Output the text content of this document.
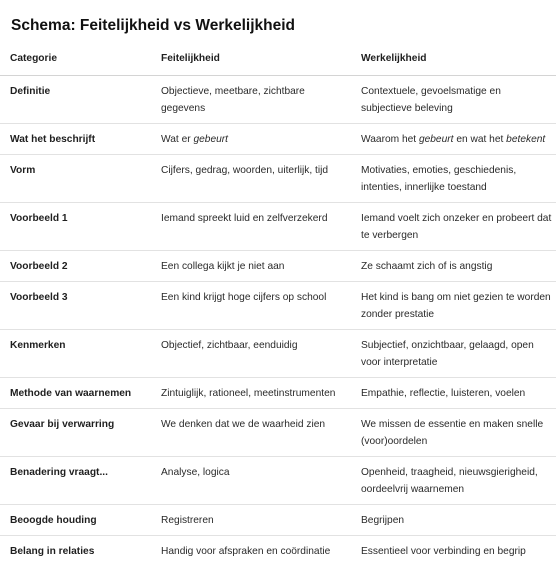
Schema: Feitelijkheid vs Werkelijkheid
Categorie	Feitelijkheid	Werkelijkheid
Definitie	Objectieve, meetbare, zichtbare gegevens	Contextuele, gevoelsmatige en subjectieve beleving
Wat het beschrijft	Wat er gebeurt	Waarom het gebeurt en wat het betekent
Vorm	Cijfers, gedrag, woorden, uiterlijk, tijd	Motivaties, emoties, geschiedenis, intenties, innerlijke toestand
Voorbeeld 1	Iemand spreekt luid en zelfverzekerd	Iemand voelt zich onzeker en probeert dat te verbergen
Voorbeeld 2	Een collega kijkt je niet aan	Ze schaamt zich of is angstig
Voorbeeld 3	Een kind krijgt hoge cijfers op school	Het kind is bang om niet gezien te worden zonder prestatie
Kenmerken	Objectief, zichtbaar, eenduidig	Subjectief, onzichtbaar, gelaagd, open voor interpretatie
Methode van waarnemen	Zintuiglijk, rationeel, meetinstrumenten	Empathie, reflectie, luisteren, voelen
Gevaar bij verwarring	We denken dat we de waarheid zien	We missen de essentie en maken snelle (voor)oordelen
Benadering vraagt...	Analyse, logica	Openheid, traagheid, nieuwsgierigheid, oordeelvrij waarnemen
Beoogde houding	Registreren	Begrijpen
Belang in relaties	Handig voor afspraken en coördinatie	Essentieel voor verbinding en begrip
